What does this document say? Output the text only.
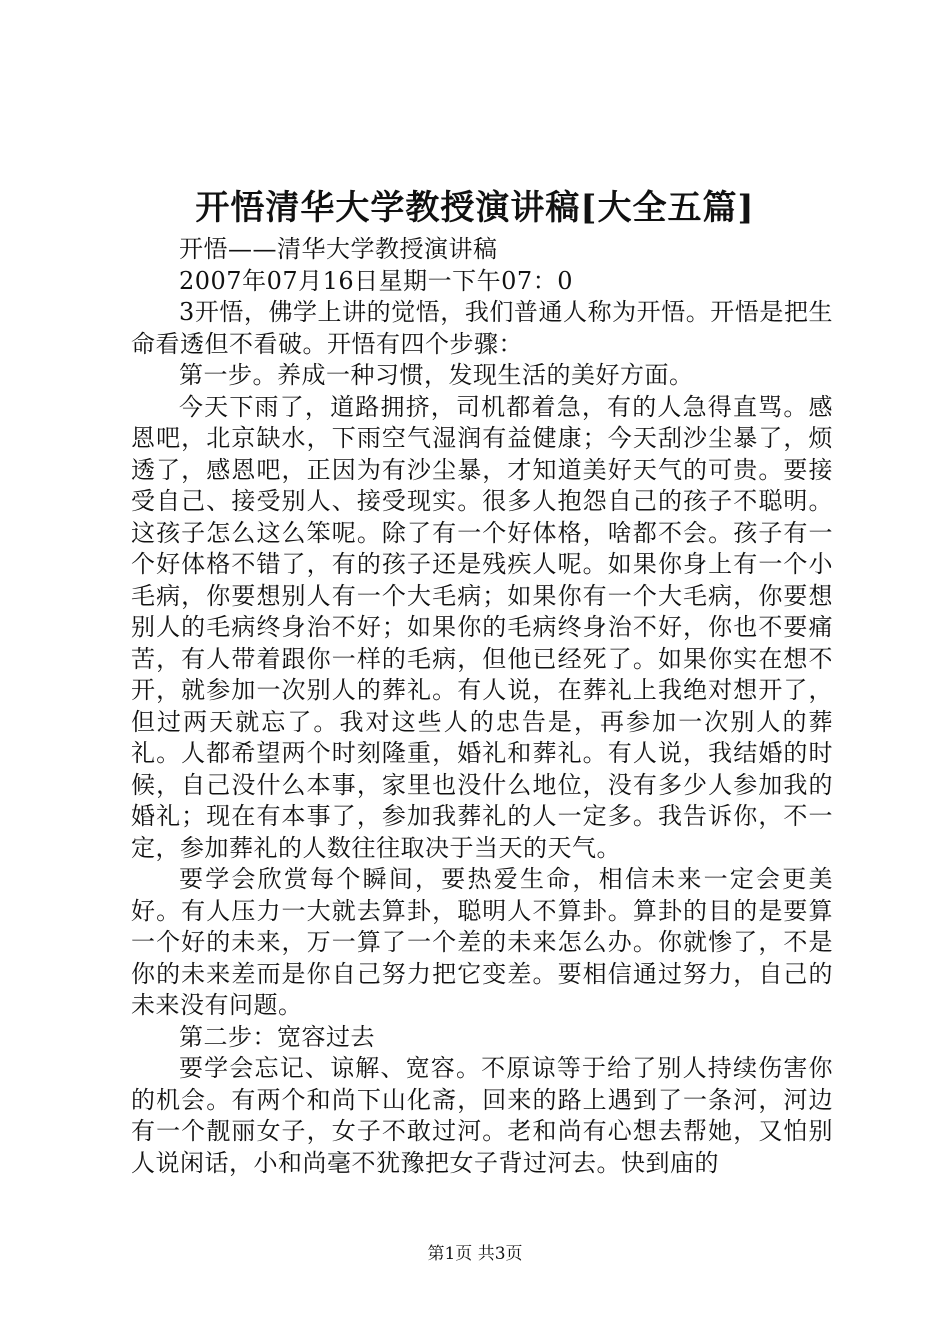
开悟清华大学教授演讲稿[大全五篇]

开悟——清华大学教授演讲稿

2007年07月16日星期一下午07：0

3开悟，佛学上讲的觉悟，我们普通人称为开悟。开悟是把生命看透但不看破。开悟有四个步骤：

第一步。养成一种习惯，发现生活的美好方面。

今天下雨了，道路拥挤，司机都着急，有的人急得直骂。感恩吧，北京缺水，下雨空气湿润有益健康；今天刮沙尘暴了，烦透了，感恩吧，正因为有沙尘暴，才知道美好天气的可贵。要接受自己、接受别人、接受现实。很多人抱怨自己的孩子不聪明。这孩子怎么这么笨呢。除了有一个好体格，啥都不会。孩子有一个好体格不错了，有的孩子还是残疾人呢。如果你身上有一个小毛病，你要想别人有一个大毛病；如果你有一个大毛病，你要想别人的毛病终身治不好；如果你的毛病终身治不好，你也不要痛苦，有人带着跟你一样的毛病，但他已经死了。如果你实在想不开，就参加一次别人的葬礼。有人说，在葬礼上我绝对想开了，但过两天就忘了。我对这些人的忠告是，再参加一次别人的葬礼。人都希望两个时刻隆重，婚礼和葬礼。有人说，我结婚的时候，自己没什么本事，家里也没什么地位，没有多少人参加我的婚礼；现在有本事了，参加我葬礼的人一定多。我告诉你，不一定，参加葬礼的人数往往取决于当天的天气。

要学会欣赏每个瞬间，要热爱生命，相信未来一定会更美好。有人压力一大就去算卦，聪明人不算卦。算卦的目的是要算一个好的未来，万一算了一个差的未来怎么办。你就惨了，不是你的未来差而是你自己努力把它变差。要相信通过努力，自己的未来没有问题。

第二步：宽容过去

要学会忘记、谅解、宽容。不原谅等于给了别人持续伤害你的机会。有两个和尚下山化斋，回来的路上遇到了一条河，河边有一个靓丽女子，女子不敢过河。老和尚有心想去帮她，又怕别人说闲话，小和尚毫不犹豫把女子背过河去。快到庙的

第1页 共3页
